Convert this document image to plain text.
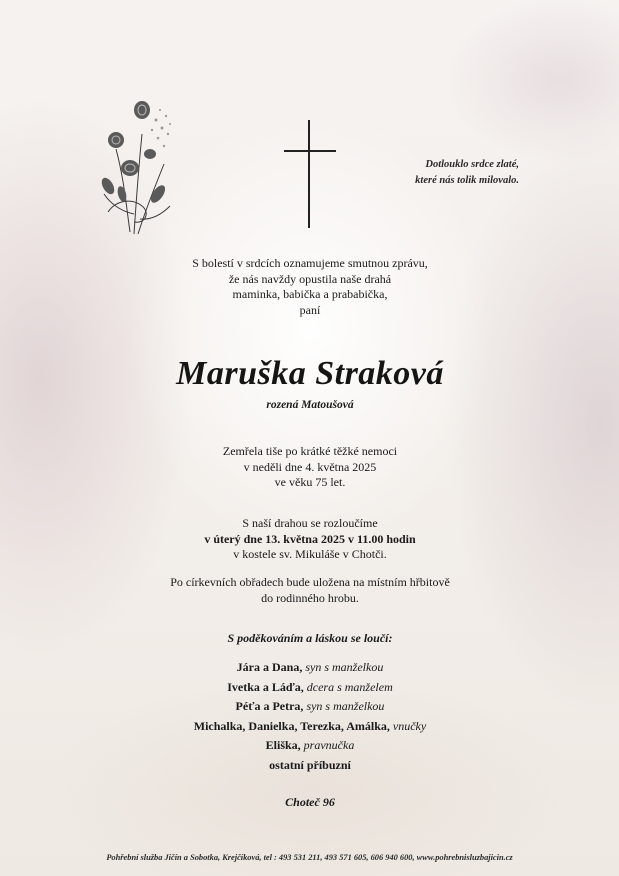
Dotlouklo srdce zlaté,
které nás tolik milovalo.
S bolestí v srdcích oznamujeme smutnou zprávu,
že nás navždy opustila naše drahá
maminka, babička a prababička,
paní
Maruška Straková
rozená Matoušová
Zemřela tiše po krátké těžké nemoci
v neděli dne 4. května 2025
ve věku 75 let.
S naší drahou se rozloučíme
v úterý dne 13. května 2025 v 11.00 hodin
v kostele sv. Mikuláše v Chotči.
Po církevních obřadech bude uložena na místním hřbitově
do rodinného hrobu.
S poděkováním a láskou se loučí:
Jára a Dana, syn s manželkou
Ivetka a Láďa, dcera s manželem
Péťa a Petra, syn s manželkou
Michalka, Danielka, Terezka, Amálka, vnučky
Eliška, pravnučka
ostatní příbuzní
Choteč 96
Pohřební služba Jičín a Sobotka, Krejčíková, tel : 493 531 211, 493 571 605, 606 940 600, www.pohrebnisluzbajicin.cz
